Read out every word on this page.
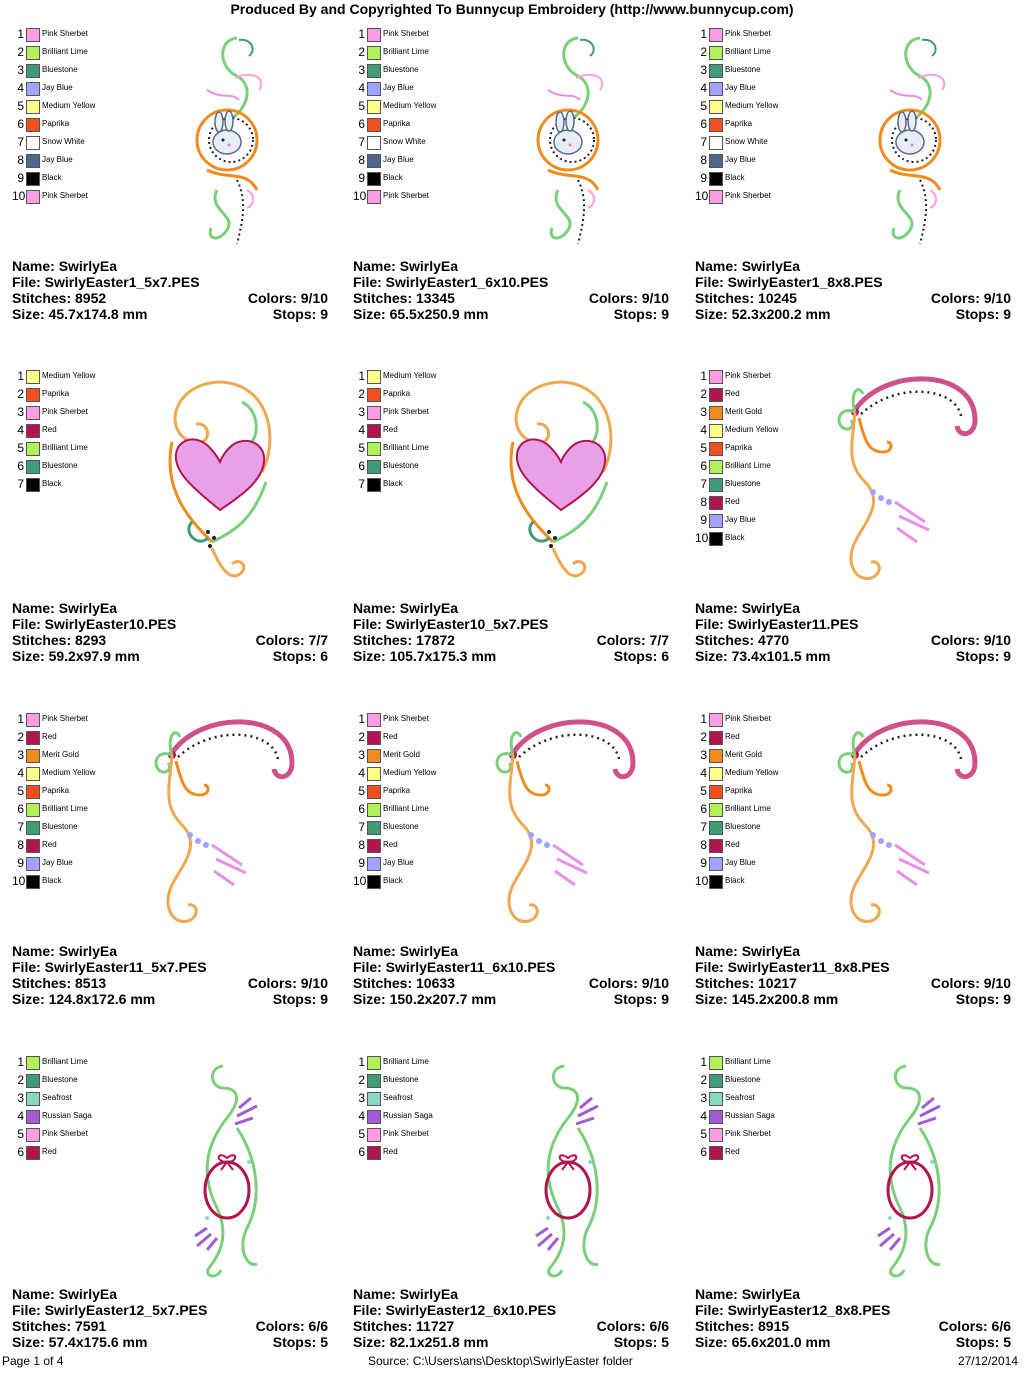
Produced By and Copyrighted To Bunnycup Embroidery (http://www.bunnycup.com)
1 Pink Sherbet
2 Brilliant Lime
3 Bluestone
4 Jay Blue
5 Medium Yellow
6 Paprika
7 Snow White
8 Jay Blue
9 Black
10 Pink Sherbet
Name: SwirlyEa
File: SwirlyEaster1_5x7.PES
Stitches: 8952	Colors: 9/10
Size: 45.7x174.8 mm	Stops: 9
1 Pink Sherbet
2 Brilliant Lime
3 Bluestone
4 Jay Blue
5 Medium Yellow
6 Paprika
7 Snow White
8 Jay Blue
9 Black
10 Pink Sherbet
Name: SwirlyEa
File: SwirlyEaster1_6x10.PES
Stitches: 13345	Colors: 9/10
Size: 65.5x250.9 mm	Stops: 9
1 Pink Sherbet
2 Brilliant Lime
3 Bluestone
4 Jay Blue
5 Medium Yellow
6 Paprika
7 Snow White
8 Jay Blue
9 Black
10 Pink Sherbet
Name: SwirlyEa
File: SwirlyEaster1_8x8.PES
Stitches: 10245	Colors: 9/10
Size: 52.3x200.2 mm	Stops: 9
1 Medium Yellow
2 Paprika
3 Pink Sherbet
4 Red
5 Brilliant Lime
6 Bluestone
7 Black
Name: SwirlyEa
File: SwirlyEaster10.PES
Stitches: 8293	Colors: 7/7
Size: 59.2x97.9 mm	Stops: 6
1 Medium Yellow
2 Paprika
3 Pink Sherbet
4 Red
5 Brilliant Lime
6 Bluestone
7 Black
Name: SwirlyEa
File: SwirlyEaster10_5x7.PES
Stitches: 17872	Colors: 7/7
Size: 105.7x175.3 mm	Stops: 6
1 Pink Sherbet
2 Red
3 Merit Gold
4 Medium Yellow
5 Paprika
6 Brilliant Lime
7 Bluestone
8 Red
9 Jay Blue
10 Black
Name: SwirlyEa
File: SwirlyEaster11.PES
Stitches: 4770	Colors: 9/10
Size: 73.4x101.5 mm	Stops: 9
1 Pink Sherbet
2 Red
3 Merit Gold
4 Medium Yellow
5 Paprika
6 Brilliant Lime
7 Bluestone
8 Red
9 Jay Blue
10 Black
Name: SwirlyEa
File: SwirlyEaster11_5x7.PES
Stitches: 8513	Colors: 9/10
Size: 124.8x172.6 mm	Stops: 9
1 Pink Sherbet
2 Red
3 Merit Gold
4 Medium Yellow
5 Paprika
6 Brilliant Lime
7 Bluestone
8 Red
9 Jay Blue
10 Black
Name: SwirlyEa
File: SwirlyEaster11_6x10.PES
Stitches: 10633	Colors: 9/10
Size: 150.2x207.7 mm	Stops: 9
1 Pink Sherbet
2 Red
3 Merit Gold
4 Medium Yellow
5 Paprika
6 Brilliant Lime
7 Bluestone
8 Red
9 Jay Blue
10 Black
Name: SwirlyEa
File: SwirlyEaster11_8x8.PES
Stitches: 10217	Colors: 9/10
Size: 145.2x200.8 mm	Stops: 9
1 Brilliant Lime
2 Bluestone
3 Seafrost
4 Russian Saga
5 Pink Sherbet
6 Red
Name: SwirlyEa
File: SwirlyEaster12_5x7.PES
Stitches: 7591	Colors: 6/6
Size: 57.4x175.6 mm	Stops: 5
1 Brilliant Lime
2 Bluestone
3 Seafrost
4 Russian Saga
5 Pink Sherbet
6 Red
Name: SwirlyEa
File: SwirlyEaster12_6x10.PES
Stitches: 11727	Colors: 6/6
Size: 82.1x251.8 mm	Stops: 5
1 Brilliant Lime
2 Bluestone
3 Seafrost
4 Russian Saga
5 Pink Sherbet
6 Red
Name: SwirlyEa
File: SwirlyEaster12_8x8.PES
Stitches: 8915	Colors: 6/6
Size: 65.6x201.0 mm	Stops: 5
Page 1 of 4	Source: C:\Users\ans\Desktop\SwirlyEaster folder	27/12/2014
